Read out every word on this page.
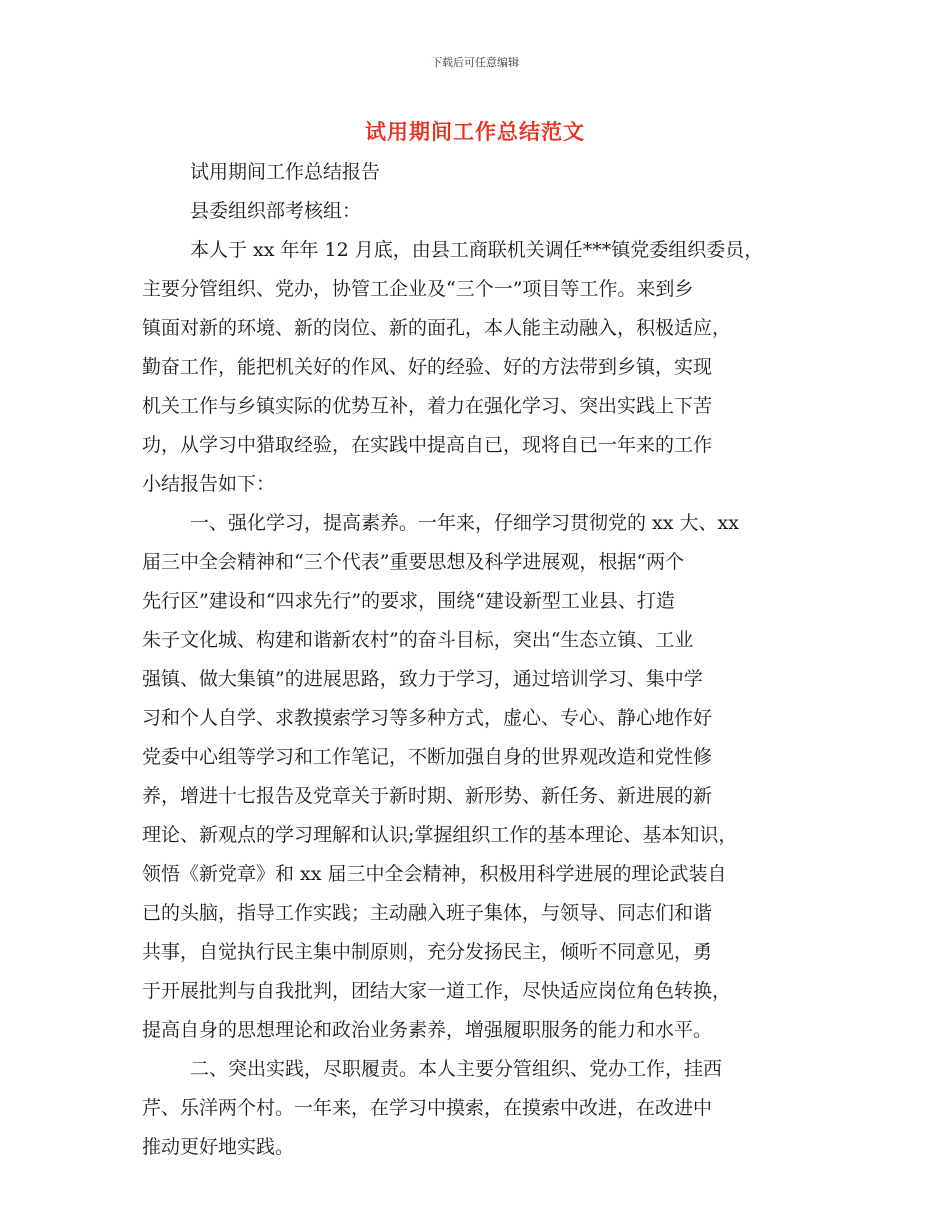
下载后可任意编辑
试用期间工作总结范文
试用期间工作总结报告
县委组织部考核组：
本人于 xx 年年 12 月底，由县工商联机关调任***镇党委组织委员，
主要分管组织、党办，协管工企业及“三个一”项目等工作。来到乡
镇面对新的环境、新的岗位、新的面孔，本人能主动融入，积极适应，
勤奋工作，能把机关好的作风、好的经验、好的方法带到乡镇，实现
机关工作与乡镇实际的优势互补，着力在强化学习、突出实践上下苦
功，从学习中猎取经验，在实践中提高自已，现将自已一年来的工作
小结报告如下：
一、强化学习，提高素养。一年来，仔细学习贯彻党的 xx 大、xx
届三中全会精神和“三个代表”重要思想及科学进展观，根据“两个
先行区”建设和“四求先行”的要求，围绕“建设新型工业县、打造
朱子文化城、构建和谐新农村”的奋斗目标，突出“生态立镇、工业
强镇、做大集镇”的进展思路，致力于学习，通过培训学习、集中学
习和个人自学、求教摸索学习等多种方式，虚心、专心、静心地作好
党委中心组等学习和工作笔记，不断加强自身的世界观改造和党性修
养，增进十七报告及党章关于新时期、新形势、新任务、新进展的新
理论、新观点的学习理解和认识;掌握组织工作的基本理论、基本知识，
领悟《新党章》和 xx 届三中全会精神，积极用科学进展的理论武装自
已的头脑，指导工作实践；主动融入班子集体，与领导、同志们和谐
共事，自觉执行民主集中制原则，充分发扬民主，倾听不同意见，勇
于开展批判与自我批判，团结大家一道工作，尽快适应岗位角色转换，
提高自身的思想理论和政治业务素养，增强履职服务的能力和水平。
二、突出实践，尽职履责。本人主要分管组织、党办工作，挂西
芹、乐洋两个村。一年来，在学习中摸索，在摸索中改进，在改进中
推动更好地实践。
